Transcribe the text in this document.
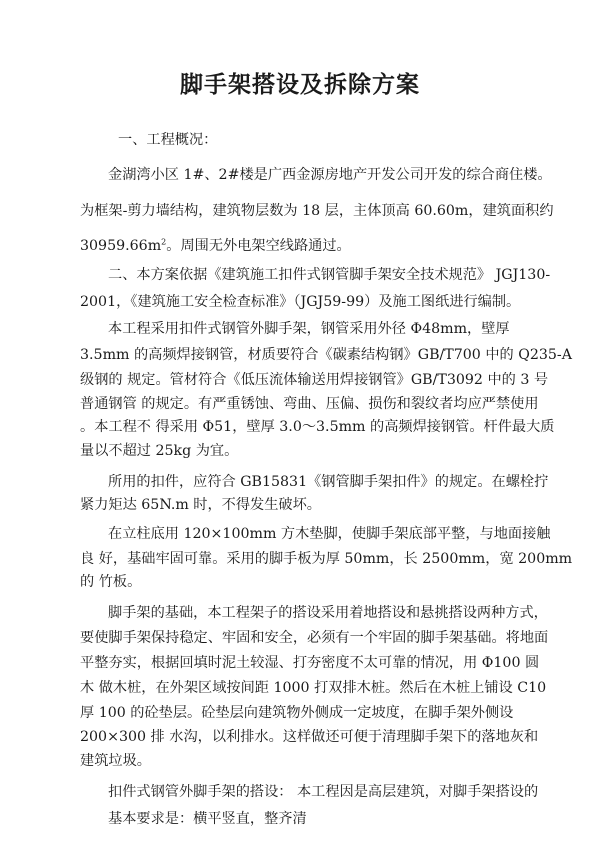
脚手架搭设及拆除方案
一、工程概况：
金湖湾小区 1#、2#楼是广西金源房地产开发公司开发的综合商住楼。
为框架-剪力墙结构，建筑物层数为 18 层，主体顶高 60.60m，建筑面积约
$30959.66m^2$。周围无外电架空线路通过。
二、本方案依据《建筑施工扣件式钢管脚手架安全技术规范》 JGJ130-
2001，《建筑施工安全检查标准》（JGJ59-99）及施工图纸进行编制。
本工程采用扣件式钢管外脚手架，钢管采用外径 Φ48mm，壁厚
3.5mm 的高频焊接钢管，材质要符合《碳素结构钢》GB/T700 中的 Q235-A
级钢的 规定。管材符合《低压流体输送用焊接钢管》GB/T3092 中的 3 号
普通钢管 的规定。有严重锈蚀、弯曲、压偏、损伤和裂纹者均应严禁使用
。本工程不 得采用 Φ51，壁厚 3.0～3.5mm 的高频焊接钢管。杆件最大质
量以不超过 25kg 为宜。
所用的扣件，应符合 GB15831《钢管脚手架扣件》的规定。在螺栓拧
紧力矩达 65N.m 时，不得发生破坏。
在立柱底用 120×100mm 方木垫脚，使脚手架底部平整，与地面接触
良 好，基础牢固可靠。采用的脚手板为厚 50mm，长 2500mm，宽 200mm
的 竹板。
脚手架的基础，本工程架子的搭设采用着地搭设和悬挑搭设两种方式，
要使脚手架保持稳定、牢固和安全，必须有一个牢固的脚手架基础。将地面
平整夯实，根据回填时泥土较湿、打夯密度不太可靠的情况，用 Φ100 圆
木 做木桩，在外架区域按间距 1000 打双排木桩。然后在木桩上铺设 C10
厚 100 的砼垫层。砼垫层向建筑物外侧成一定坡度，在脚手架外侧设
200×300 排 水沟，以利排水。这样做还可便于清理脚手架下的落地灰和
建筑垃圾。
扣件式钢管外脚手架的搭设： 本工程因是高层建筑，对脚手架搭设的
基本要求是：横平竖直，整齐清
